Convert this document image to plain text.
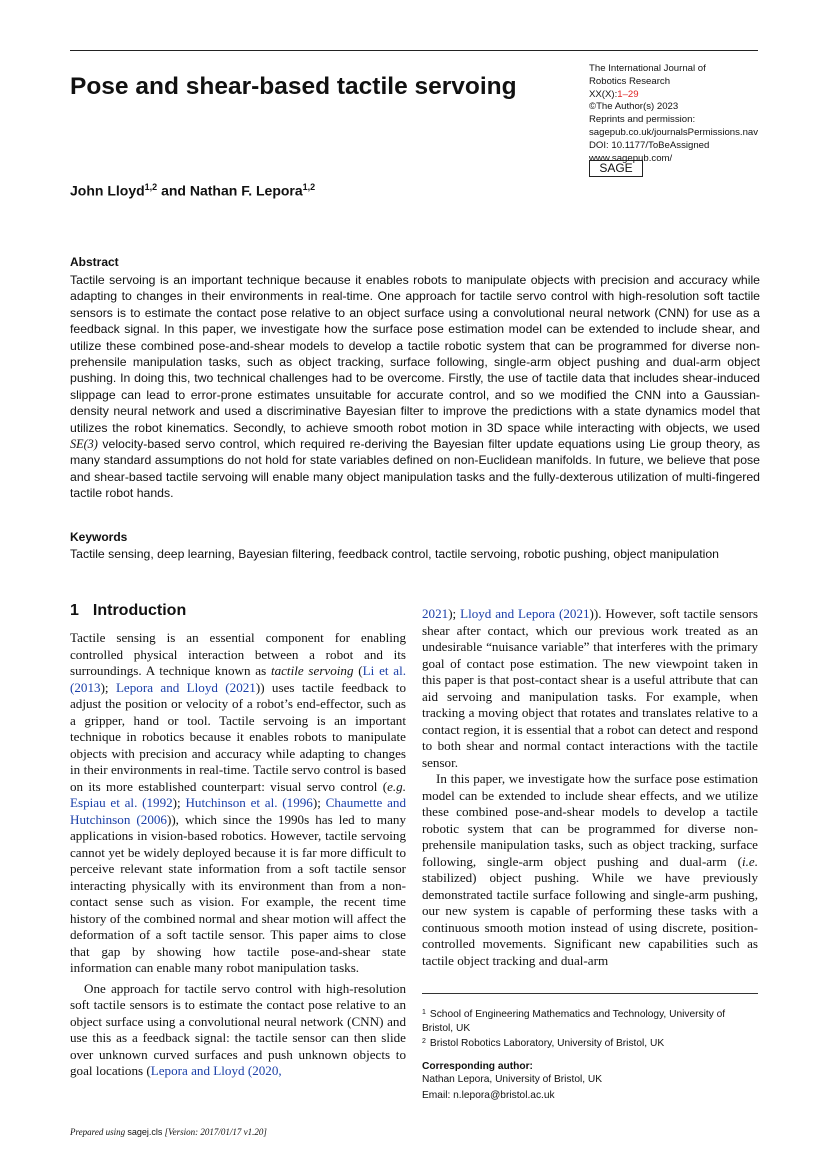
Pose and shear-based tactile servoing
The International Journal of
Robotics Research
XX(X):1–29
©The Author(s) 2023
Reprints and permission:
sagepub.co.uk/journalsPermissions.nav
DOI: 10.1177/ToBeAssigned
www.sagepub.com/
SAGE
John Lloyd$^{1,2}$ and Nathan F. Lepora$^{1,2}$
Abstract
Tactile servoing is an important technique because it enables robots to manipulate objects with precision and accuracy while adapting to changes in their environments in real-time. One approach for tactile servo control with high-resolution soft tactile sensors is to estimate the contact pose relative to an object surface using a convolutional neural network (CNN) for use as a feedback signal. In this paper, we investigate how the surface pose estimation model can be extended to include shear, and utilize these combined pose-and-shear models to develop a tactile robotic system that can be programmed for diverse non-prehensile manipulation tasks, such as object tracking, surface following, single-arm object pushing and dual-arm object pushing. In doing this, two technical challenges had to be overcome. Firstly, the use of tactile data that includes shear-induced slippage can lead to error-prone estimates unsuitable for accurate control, and so we modified the CNN into a Gaussian-density neural network and used a discriminative Bayesian filter to improve the predictions with a state dynamics model that utilizes the robot kinematics. Secondly, to achieve smooth robot motion in 3D space while interacting with objects, we used SE(3) velocity-based servo control, which required re-deriving the Bayesian filter update equations using Lie group theory, as many standard assumptions do not hold for state variables defined on non-Euclidean manifolds. In future, we believe that pose and shear-based tactile servoing will enable many object manipulation tasks and the fully-dexterous utilization of multi-fingered tactile robot hands.
Keywords
Tactile sensing, deep learning, Bayesian filtering, feedback control, tactile servoing, robotic pushing, object manipulation
1 Introduction

Tactile sensing is an essential component for enabling controlled physical interaction between a robot and its surroundings. A technique known as tactile servoing (Li et al. (2013); Lepora and Lloyd (2021)) uses tactile feedback to adjust the position or velocity of a robot’s end-effector, such as a gripper, hand or tool. Tactile servoing is an important technique in robotics because it enables robots to manipulate objects with precision and accuracy while adapting to changes in their environments in real-time. Tactile servo control is based on its more established counterpart: visual servo control (e.g. Espiau et al. (1992); Hutchinson et al. (1996); Chaumette and Hutchinson (2006)), which since the 1990s has led to many applications in vision-based robotics. However, tactile servoing cannot yet be widely deployed because it is far more difficult to perceive relevant state information from a soft tactile sensor interacting physically with its environment than from a non-contact sense such as vision. For example, the recent time history of the combined normal and shear motion will affect the deformation of a soft tactile sensor. This paper aims to close that gap by showing how tactile pose-and-shear state information can enable many robot manipulation tasks.

One approach for tactile servo control with high-resolution soft tactile sensors is to estimate the contact pose relative to an object surface using a convolutional neural network (CNN) and use this as a feedback signal: the tactile sensor can then slide over unknown curved surfaces and push unknown objects to goal locations (Lepora and Lloyd (2020,

2021); Lloyd and Lepora (2021)). However, soft tactile sensors shear after contact, which our previous work treated as an undesirable “nuisance variable” that interferes with the primary goal of contact pose estimation. The new viewpoint taken in this paper is that post-contact shear is a useful attribute that can aid servoing and manipulation tasks. For example, when tracking a moving object that rotates and translates relative to a contact region, it is essential that a robot can detect and respond to both shear and normal contact interactions with the tactile sensor.

In this paper, we investigate how the surface pose estimation model can be extended to include shear effects, and we utilize these combined pose-and-shear models to develop a tactile robotic system that can be programmed for diverse non-prehensile manipulation tasks, such as object tracking, surface following, single-arm object pushing and dual-arm (i.e. stabilized) object pushing. While we have previously demonstrated tactile surface following and single-arm pushing, our new system is capable of performing these tasks with a continuous smooth motion instead of using discrete, position-controlled movements. Significant new capabilities such as tactile object tracking and dual-arm

$^1$ School of Engineering Mathematics and Technology, University of Bristol, UK

$^2$ Bristol Robotics Laboratory, University of Bristol, UK

Corresponding author:

Nathan Lepora, University of Bristol, UK

Email: n.lepora@bristol.ac.uk

Prepared using sagej.cls [Version: 2017/01/17 v1.20]
